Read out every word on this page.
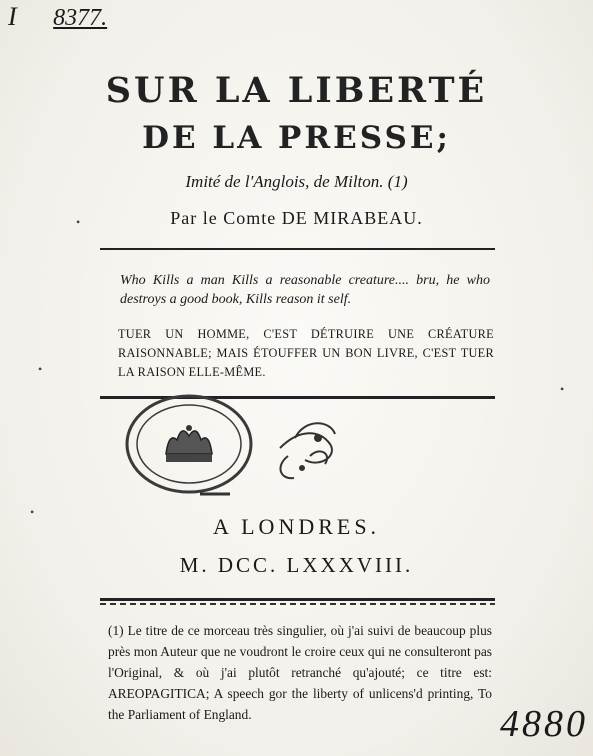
I 8377.
SUR LA LIBERTÉ
DE LA PRESSE;
Imité de l'Anglois, de Milton. (1)
Par le Comte DE MIRABEAU.
Who Kills a man Kills a reasonable creature.... bru, he who destroys a good book, Kills reason it self.
TUER UN HOMME, C'EST DÉTRUIRE UNE CRÉATURE RAISONNABLE; MAIS ÉTOUFFER UN BON LIVRE, C'EST TUER LA RAISON ELLE-MÊME.
A LONDRES.
M. DCC. LXXXVIII.
(1) Le titre de ce morceau très singulier, où j'ai suivi de beaucoup plus près mon Auteur que ne voudront le croire ceux qui ne consulteront pas l'Original, & où j'ai plutôt retranché qu'ajouté; ce titre est: AREOPAGITICA; A speech gor the liberty of unlicens'd printing, To the Parliament of England.	4880
•
•
•
•
